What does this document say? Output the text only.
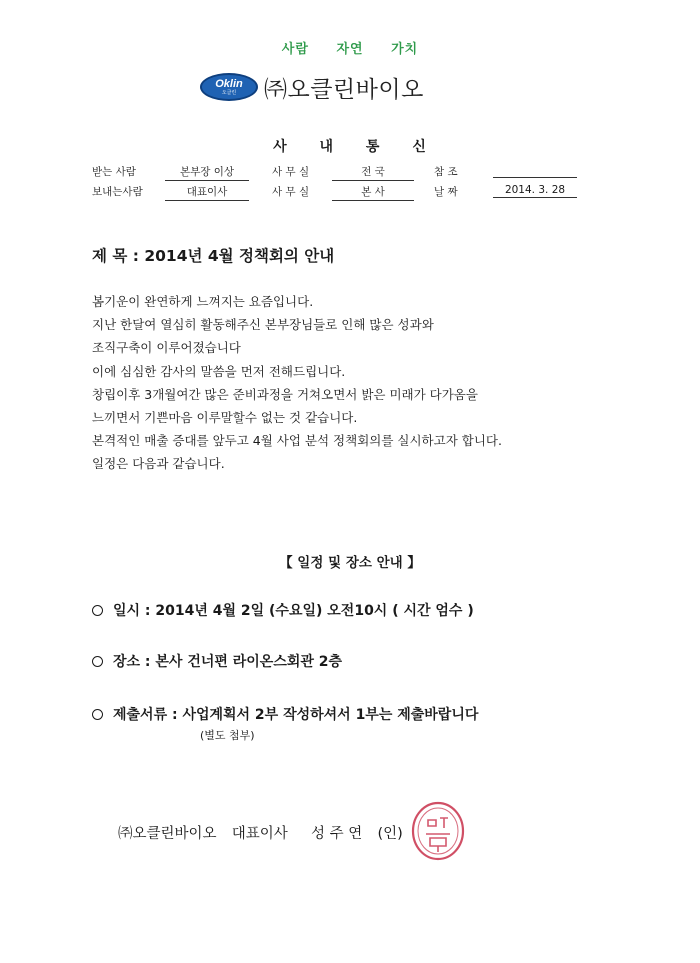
사람 자연 가치
Oklin
오클린 ㈜오클린바이오
사 내 통 신
받는 사람	본부장 이상	사 무 실	전 국	참 조
보내는사람	대표이사	사 무 실	본 사	날 짜	2014. 3. 28
제 목 : 2014년 4월 정책회의 안내
봄기운이 완연하게 느껴지는 요즘입니다.
지난 한달여 열심히 활동해주신 본부장님들로 인해 많은 성과와
조직구축이 이루어졌습니다
이에 심심한 감사의 말씀을 먼저 전해드립니다.
창립이후 3개월여간 많은 준비과정을 거쳐오면서 밝은 미래가 다가옴을
느끼면서 기쁜마음 이루말할수 없는 것 같습니다.
본격적인 매출 증대를 앞두고 4월 사업 분석 정책회의를 실시하고자 합니다.
일정은 다음과 같습니다.
【 일정 및 장소 안내 】
일시 : 2014년 4월 2일 (수요일) 오전10시 ( 시간 엄수 )
장소 : 본사 건너편 라이온스회관 2층
제출서류 : 사업계획서 2부 작성하셔서 1부는 제출바랍니다
(별도 첨부)
㈜오클린바이오 대표이사 성 주 연 (인)
